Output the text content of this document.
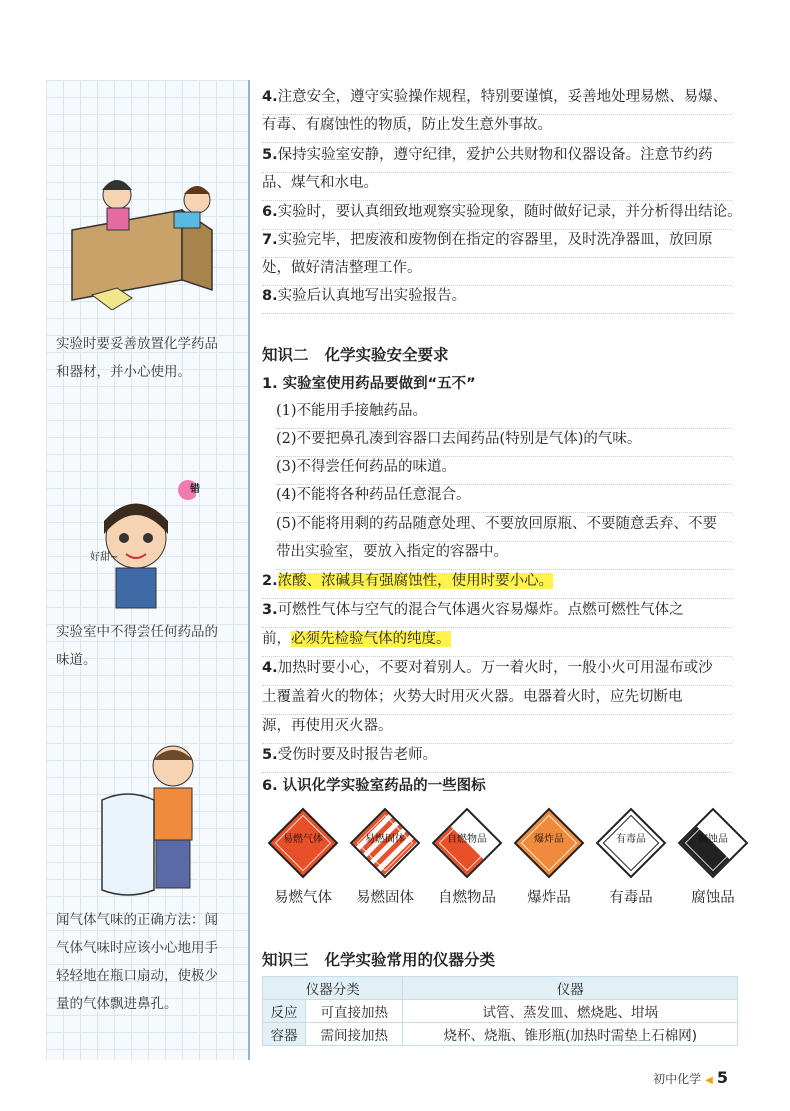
4.注意安全，遵守实验操作规程，特别要谨慎，妥善地处理易燃、易爆、
有毒、有腐蚀性的物质，防止发生意外事故。
5.保持实验室安静，遵守纪律，爱护公共财物和仪器设备。注意节约药
品、煤气和水电。
6.实验时，要认真细致地观察实验现象，随时做好记录，并分析得出结论。
7.实验完毕，把废液和废物倒在指定的容器里，及时洗净器皿，放回原
处，做好清洁整理工作。
8.实验后认真地写出实验报告。
知识二 化学实验安全要求
1. 实验室使用药品要做到“五不”
(1)不能用手接触药品。
(2)不要把鼻孔凑到容器口去闻药品(特别是气体)的气味。
(3)不得尝任何药品的味道。
(4)不能将各种药品任意混合。
(5)不能将用剩的药品随意处理、不要放回原瓶、不要随意丢弃、不要
带出实验室，要放入指定的容器中。
2.浓酸、浓碱具有强腐蚀性，使用时要小心。
3.可燃性气体与空气的混合气体遇火容易爆炸。点燃可燃性气体之
前，必须先检验气体的纯度。
4.加热时要小心，不要对着别人。万一着火时，一般小火可用湿布或沙
土覆盖着火的物体；火势大时用灭火器。电器着火时，应先切断电
源，再使用灭火器。
5.受伤时要及时报告老师。
6. 认识化学实验室药品的一些图标
易燃气体
易燃气体
易燃固体
易燃固体
自燃物品
自燃物品
爆炸品
爆炸品
有毒品
有毒品
腐蚀品
腐蚀品
知识三 化学实验常用的仪器分类
仪器分类		仪器
反应	可直接加热	试管、蒸发皿、燃烧匙、坩埚
容器	需间接加热	烧杯、烧瓶、锥形瓶(加热时需垫上石棉网)
错
好甜~
实验时要妥善放置化学药品
和器材，并小心使用。
实验室中不得尝任何药品的
味道。
闻气体气味的正确方法：闻
气体气味时应该小心地用手
轻轻地在瓶口扇动，使极少
量的气体飘进鼻孔。
初中化学 ◀ 5
